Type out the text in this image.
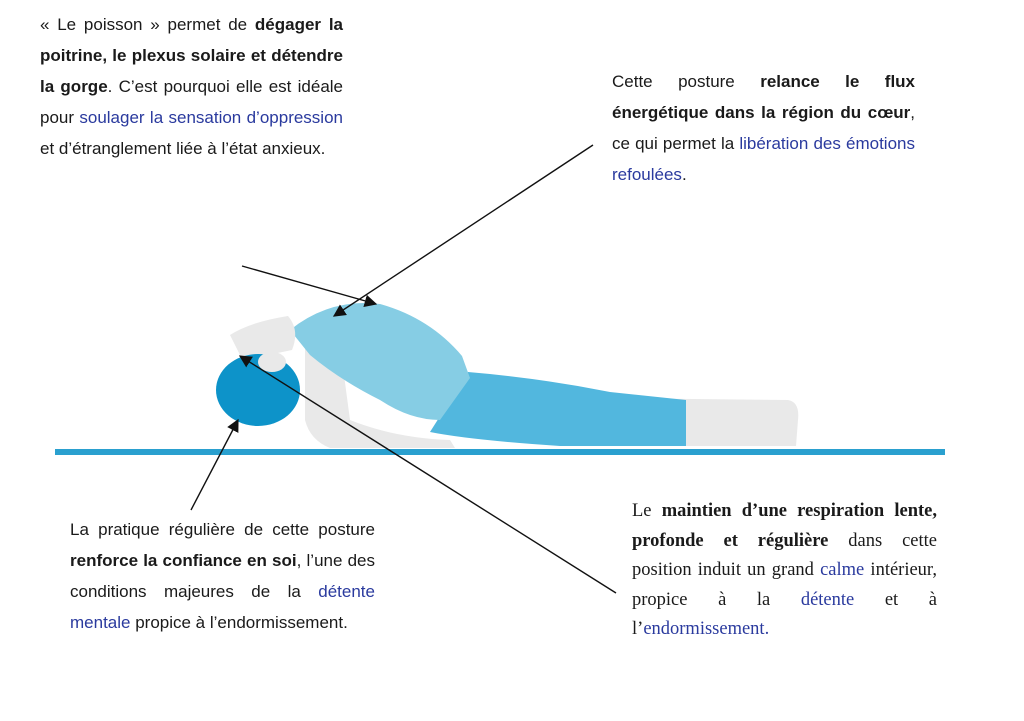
« Le poisson » permet de dégager la poitrine, le plexus solaire et détendre la gorge. C’est pourquoi elle est idéale pour soulager la sensation d’oppression et d’étranglement liée à l’état anxieux.
Cette posture relance le flux énergétique dans la région du cœur, ce qui permet la libération des émotions refoulées.
La pratique régulière de cette posture renforce la confiance en soi, l’une des conditions majeures de la détente mentale propice à l’endormissement.
Le maintien d’une respiration lente, profonde et régulière dans cette position induit un grand calme intérieur, propice à la détente et à l’endormissement.
